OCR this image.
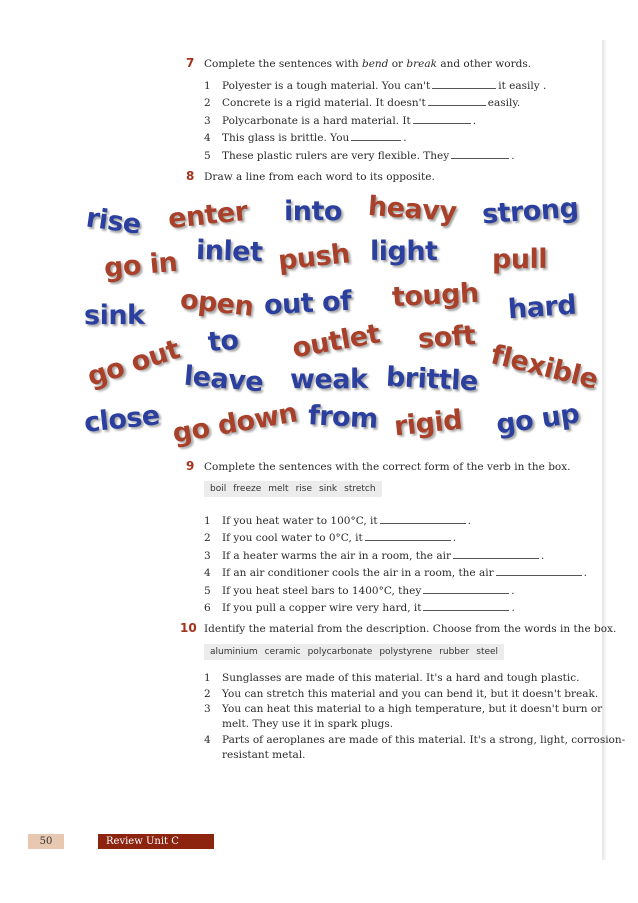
7 Complete the sentences with bend or break and other words.
1 Polyester is a tough material. You can't	it easily .
2 Concrete is a rigid material. It doesn't	easily.
3 Polycarbonate is a hard material. It	.
4 This glass is brittle. You	.
5 These plastic rulers are very flexible. They	.
8 Draw a line from each word to its opposite.
rise enter into heavy strong
go in inlet push light pull
sink open out of tough hard
go out to outlet soft
flexible
leave weak brittle
close go down from rigid go up
9 Complete the sentences with the correct form of the verb in the box.
boil freeze melt rise sink stretch
1 If you heat water to 100°C, it	.
2 If you cool water to 0°C, it	.
3 If a heater warms the air in a room, the air	.
4 If an air conditioner cools the air in a room, the air	.
5 If you heat steel bars to 1400°C, they	.
6 If you pull a copper wire very hard, it	.
10 Identify the material from the description. Choose from the words in the box.
aluminium ceramic polycarbonate polystyrene rubber steel
1 Sunglasses are made of this material. It's a hard and tough plastic.
2 You can stretch this material and you can bend it, but it doesn't break.
3 You can heat this material to a high temperature, but it doesn't burn or
melt. They use it in spark plugs.
4 Parts of aeroplanes are made of this material. It's a strong, light, corrosion-
resistant metal.
50	Review Unit C
